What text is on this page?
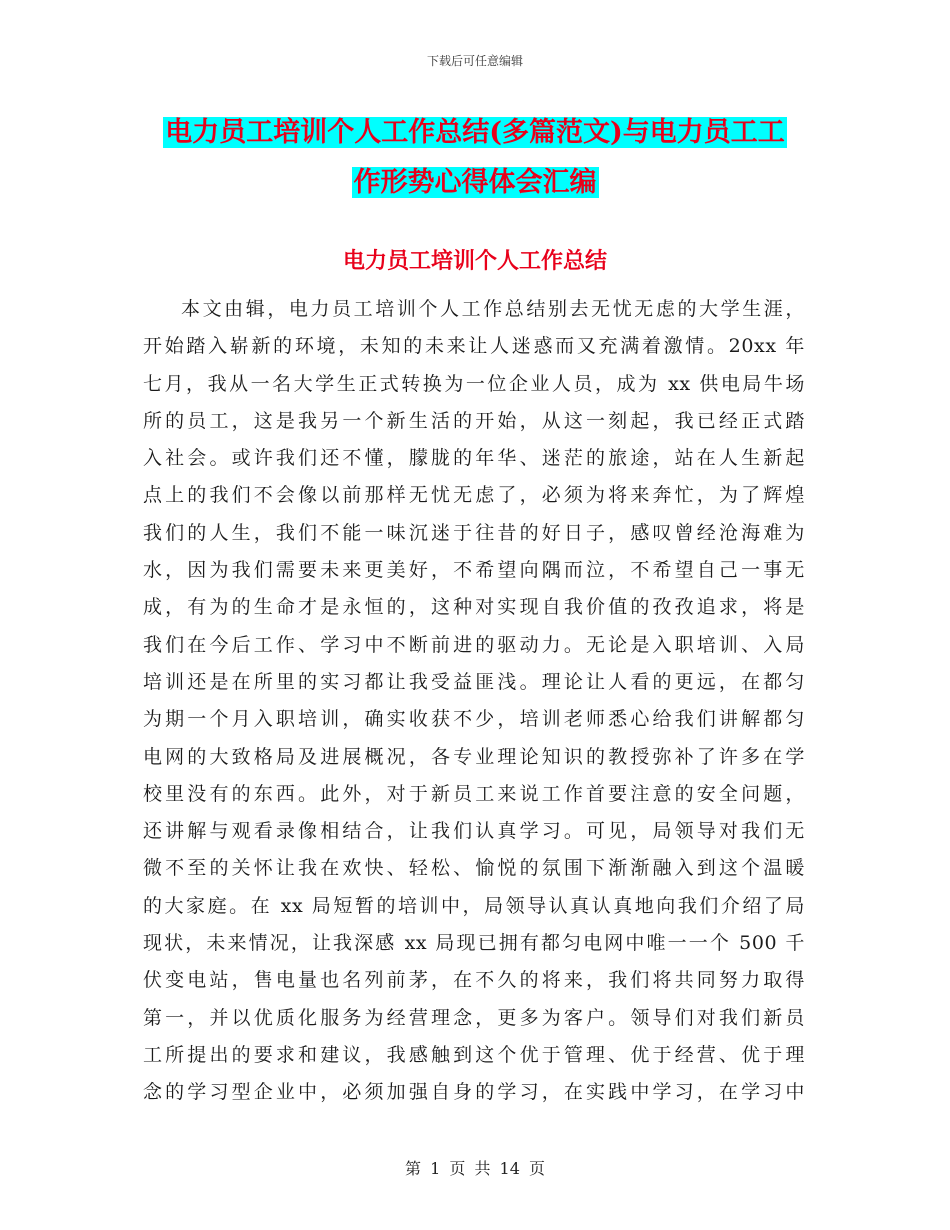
下载后可任意编辑
电力员工培训个人工作总结(多篇范文)与电力员工工
作形势心得体会汇编
电力员工培训个人工作总结
本文由辑，电力员工培训个人工作总结别去无忧无虑的大学生涯，
开始踏入崭新的环境，未知的未来让人迷惑而又充满着激情。20xx 年
七月，我从一名大学生正式转换为一位企业人员，成为 xx 供电局牛场
所的员工，这是我另一个新生活的开始，从这一刻起，我已经正式踏
入社会。或许我们还不懂，朦胧的年华、迷茫的旅途，站在人生新起
点上的我们不会像以前那样无忧无虑了，必须为将来奔忙，为了辉煌
我们的人生，我们不能一味沉迷于往昔的好日子，感叹曾经沧海难为
水，因为我们需要未来更美好，不希望向隅而泣，不希望自己一事无
成，有为的生命才是永恒的，这种对实现自我价值的孜孜追求，将是
我们在今后工作、学习中不断前进的驱动力。无论是入职培训、入局
培训还是在所里的实习都让我受益匪浅。理论让人看的更远，在都匀
为期一个月入职培训，确实收获不少，培训老师悉心给我们讲解都匀
电网的大致格局及进展概况，各专业理论知识的教授弥补了许多在学
校里没有的东西。此外，对于新员工来说工作首要注意的安全问题，
还讲解与观看录像相结合，让我们认真学习。可见，局领导对我们无
微不至的关怀让我在欢快、轻松、愉悦的氛围下渐渐融入到这个温暖
的大家庭。在 xx 局短暂的培训中，局领导认真认真地向我们介绍了局
现状，未来情况，让我深感 xx 局现已拥有都匀电网中唯一一个 500 千
伏变电站，售电量也名列前茅，在不久的将来，我们将共同努力取得
第一，并以优质化服务为经营理念，更多为客户。领导们对我们新员
工所提出的要求和建议，我感触到这个优于管理、优于经营、优于理
念的学习型企业中，必须加强自身的学习，在实践中学习，在学习中
第 1 页 共 14 页
